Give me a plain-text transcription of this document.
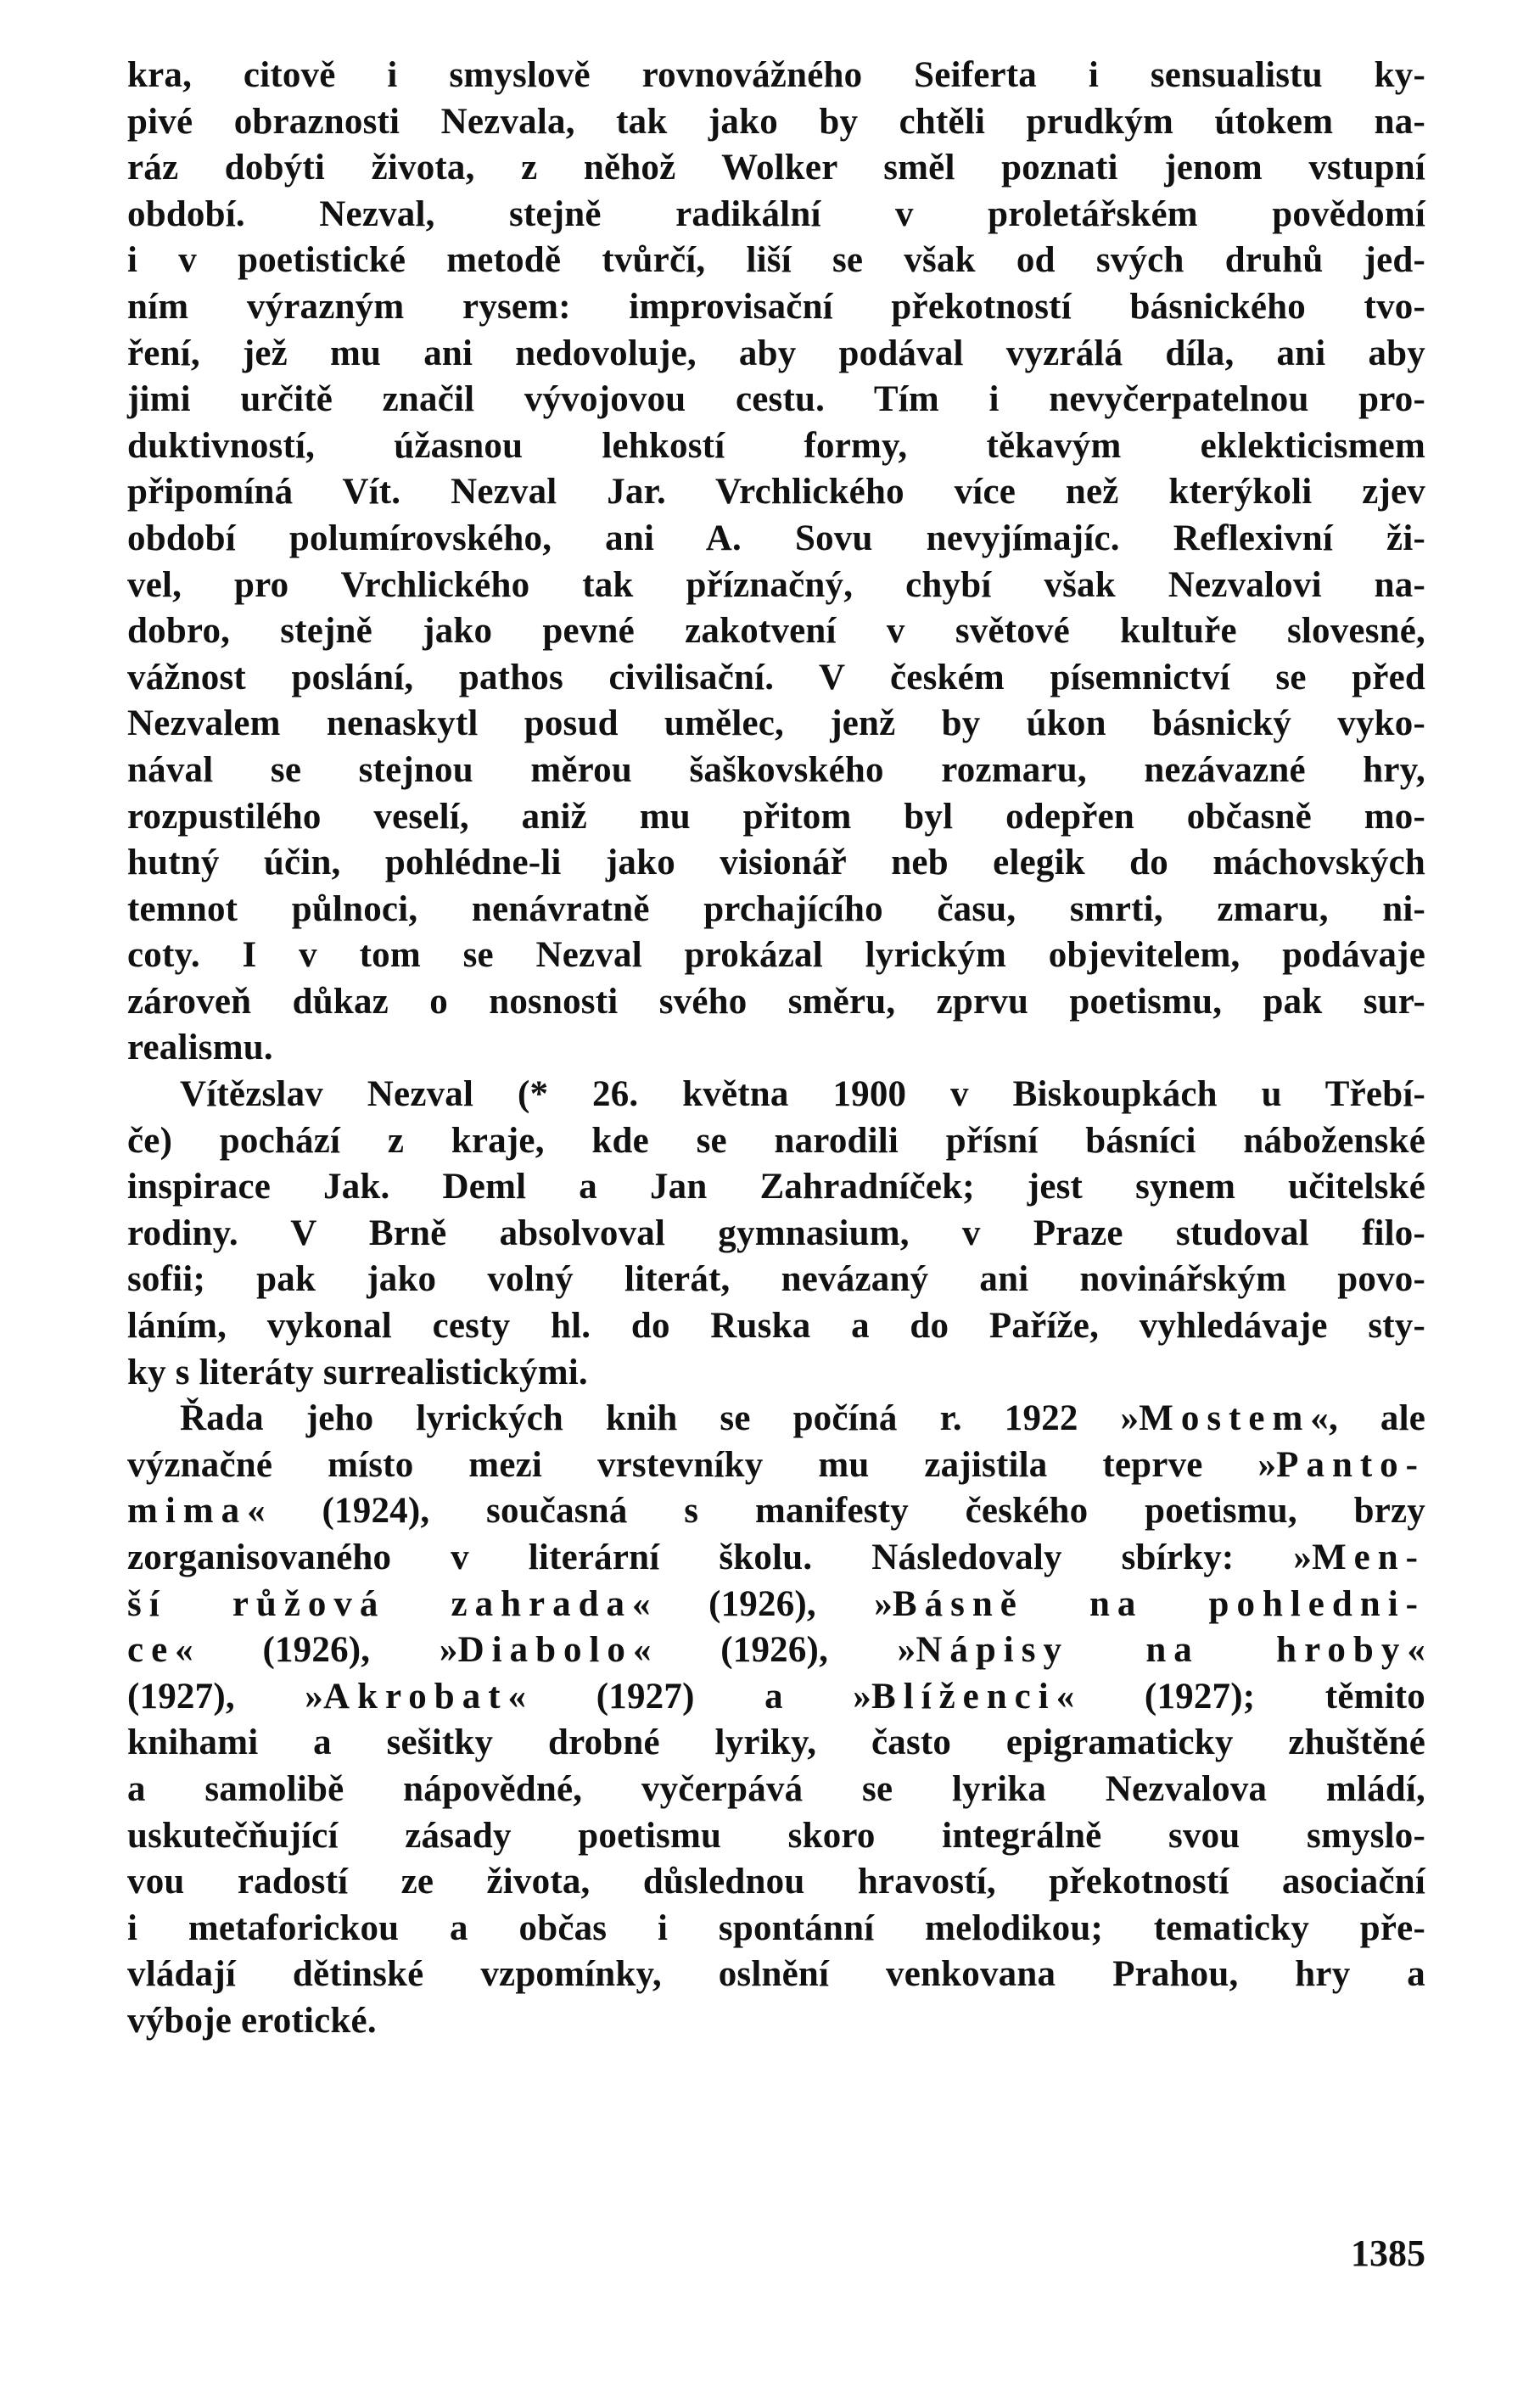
kra, citově i smyslově rovnovážného Seiferta i sensualistu ky-
pivé obraznosti Nezvala, tak jako by chtěli prudkým útokem na-
ráz dobýti života, z něhož Wolker směl poznati jenom vstupní
období. Nezval, stejně radikální v proletářském povědomí
i v poetistické metodě tvůrčí, liší se však od svých druhů jed-
ním výrazným rysem: improvisační překotností básnického tvo-
ření, jež mu ani nedovoluje, aby podával vyzrálá díla, ani aby
jimi určitě značil vývojovou cestu. Tím i nevyčerpatelnou pro-
duktivností, úžasnou lehkostí formy, těkavým eklekticismem
připomíná Vít. Nezval Jar. Vrchlického více než kterýkoli zjev
období polumírovského, ani A. Sovu nevyjímajíc. Reflexivní ži-
vel, pro Vrchlického tak příznačný, chybí však Nezvalovi na-
dobro, stejně jako pevné zakotvení v světové kultuře slovesné,
vážnost poslání, pathos civilisační. V českém písemnictví se před
Nezvalem nenaskytl posud umělec, jenž by úkon básnický vyko-
nával se stejnou měrou šaškovského rozmaru, nezávazné hry,
rozpustilého veselí, aniž mu přitom byl odepřen občasně mo-
hutný účin, pohlédne-li jako visionář neb elegik do máchovských
temnot půlnoci, nenávratně prchajícího času, smrti, zmaru, ni-
coty. I v tom se Nezval prokázal lyrickým objevitelem, podávaje
zároveň důkaz o nosnosti svého směru, zprvu poetismu, pak sur-
realismu.
Vítězslav Nezval (* 26. května 1900 v Biskoupkách u Třebí-
če) pochází z kraje, kde se narodili přísní básníci náboženské
inspirace Jak. Deml a Jan Zahradníček; jest synem učitelské
rodiny. V Brně absolvoval gymnasium, v Praze studoval filo-
sofii; pak jako volný literát, nevázaný ani novinářským povo-
láním, vykonal cesty hl. do Ruska a do Paříže, vyhledávaje sty-
ky s literáty surrealistickými.
Řada jeho lyrických knih se počíná r. 1922 »Mostem«, ale
význačné místo mezi vrstevníky mu zajistila teprve »Panto-
mima« (1924), současná s manifesty českého poetismu, brzy
zorganisovaného v literární školu. Následovaly sbírky: »Men-
ší růžová zahrada« (1926), »Básně na pohledni-
ce« (1926), »Diabolo« (1926), »Nápisy na hroby«
(1927), »Akrobat« (1927) a »Blíženci« (1927); těmito
knihami a sešitky drobné lyriky, často epigramaticky zhuštěné
a samolibě nápovědné, vyčerpává se lyrika Nezvalova mládí,
uskutečňující zásady poetismu skoro integrálně svou smyslo-
vou radostí ze života, důslednou hravostí, překotností asociační
i metaforickou a občas i spontánní melodikou; tematicky pře-
vládají dětinské vzpomínky, oslnění venkovana Prahou, hry a
výboje erotické.
1385
